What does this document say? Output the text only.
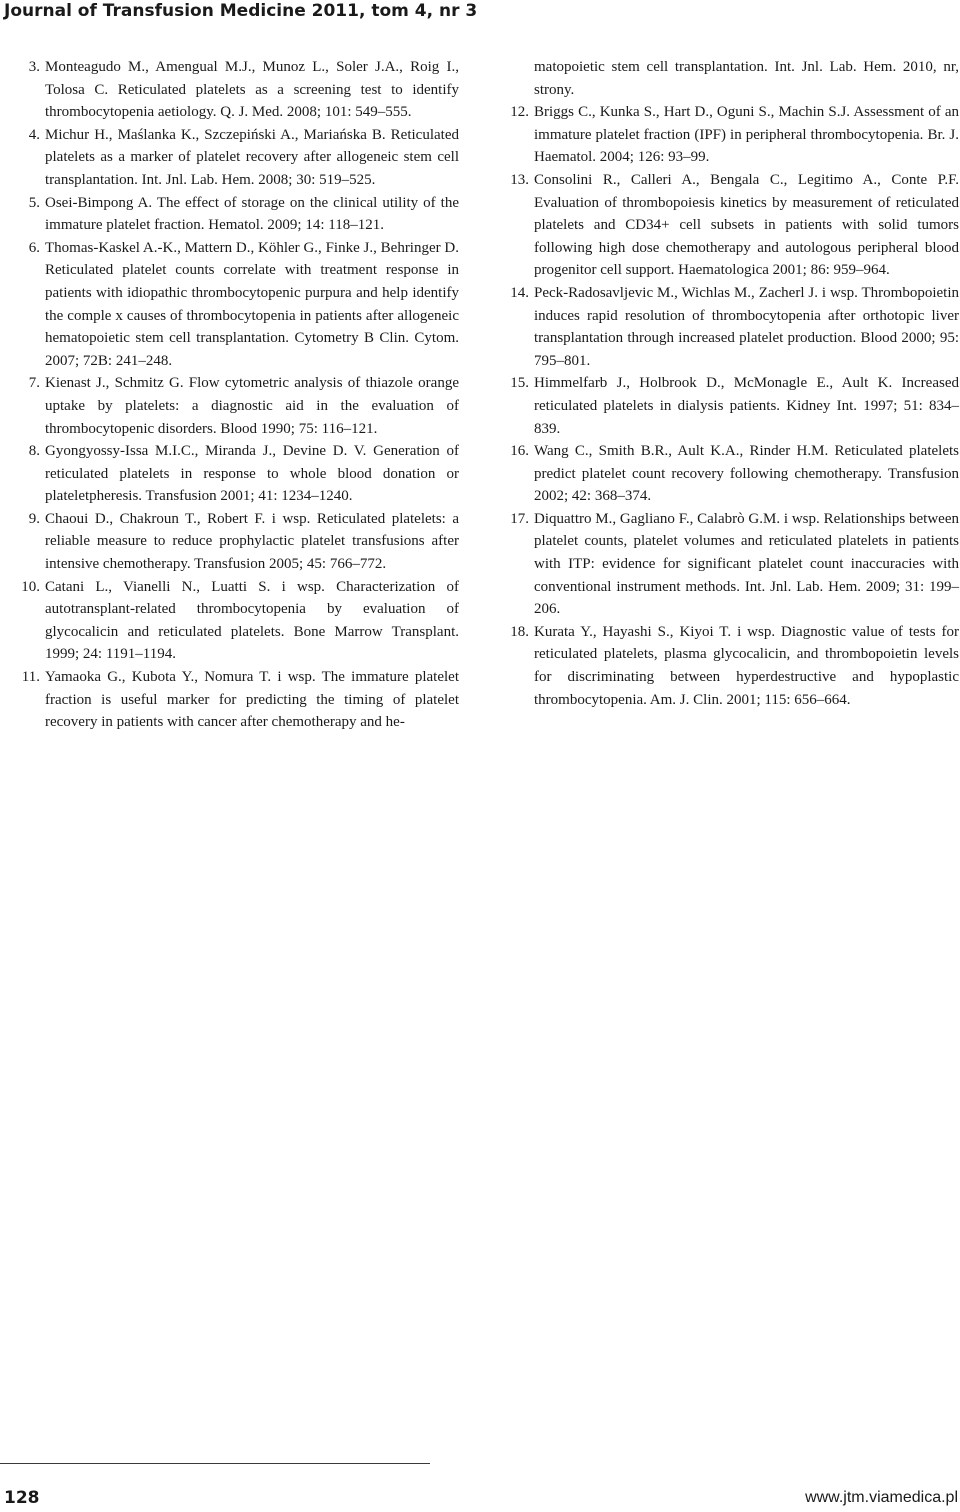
Journal of Transfusion Medicine 2011, tom 4, nr 3

3. Monteagudo M., Amengual M.J., Munoz L., Soler J.A., Roig I., Tolosa C. Reticulated platelets as a screening test to identify thrombocytopenia aetiology. Q. J. Med. 2008; 101: 549–555.

4. Michur H., Maślanka K., Szczepiński A., Mariańska B. Reticulated platelets as a marker of platelet recovery after allogeneic stem cell transplantation. Int. Jnl. Lab. Hem. 2008; 30: 519–525.

5. Osei-Bimpong A. The effect of storage on the clinical utility of the immature platelet fraction. Hematol. 2009; 14: 118–121.

6. Thomas-Kaskel A.-K., Mattern D., Köhler G., Finke J., Behringer D. Reticulated platelet counts correlate with treatment response in patients with idiopathic thrombocytopenic purpura and help identify the comple x causes of thrombocytopenia in patients after allogeneic hematopoietic stem cell transplantation. Cytometry B Clin. Cytom. 2007; 72B: 241–248.

7. Kienast J., Schmitz G. Flow cytometric analysis of thiazole orange uptake by platelets: a diagnostic aid in the evaluation of thrombocytopenic disorders. Blood 1990; 75: 116–121.

8. Gyongyossy-Issa M.I.C., Miranda J., Devine D. V. Generation of reticulated platelets in response to whole blood donation or plateletpheresis. Transfusion 2001; 41: 1234–1240.

9. Chaoui D., Chakroun T., Robert F. i wsp. Reticulated platelets: a reliable measure to reduce prophylactic platelet transfusions after intensive chemotherapy. Transfusion 2005; 45: 766–772.

10. Catani L., Vianelli N., Luatti S. i wsp. Characterization of autotransplant-related thrombocytopenia by evaluation of glycocalicin and reticulated platelets. Bone Marrow Transplant. 1999; 24: 1191–1194.

11. Yamaoka G., Kubota Y., Nomura T. i wsp. The immature platelet fraction is useful marker for predicting the timing of platelet recovery in patients with cancer after chemotherapy and he-

matopoietic stem cell transplantation. Int. Jnl. Lab. Hem. 2010, nr, strony.

12. Briggs C., Kunka S., Hart D., Oguni S., Machin S.J. Assessment of an immature platelet fraction (IPF) in peripheral thrombocytopenia. Br. J. Haematol. 2004; 126: 93–99.

13. Consolini R., Calleri A., Bengala C., Legitimo A., Conte P.F. Evaluation of thrombopoiesis kinetics by measurement of reticulated platelets and CD34+ cell subsets in patients with solid tumors following high dose chemotherapy and autologous peripheral blood progenitor cell support. Haematologica 2001; 86: 959–964.

14. Peck-Radosavljevic M., Wichlas M., Zacherl J. i wsp. Thrombopoietin induces rapid resolution of thrombocytopenia after orthotopic liver transplantation through increased platelet production. Blood 2000; 95: 795–801.

15. Himmelfarb J., Holbrook D., McMonagle E., Ault K. Increased reticulated platelets in dialysis patients. Kidney Int. 1997; 51: 834–839.

16. Wang C., Smith B.R., Ault K.A., Rinder H.M. Reticulated platelets predict platelet count recovery following chemotherapy. Transfusion 2002; 42: 368–374.

17. Diquattro M., Gagliano F., Calabrò G.M. i wsp. Relationships between platelet counts, platelet volumes and reticulated platelets in patients with ITP: evidence for significant platelet count inaccuracies with conventional instrument methods. Int. Jnl. Lab. Hem. 2009; 31: 199–206.

18. Kurata Y., Hayashi S., Kiyoi T. i wsp. Diagnostic value of tests for reticulated platelets, plasma glycocalicin, and thrombopoietin levels for discriminating between hyperdestructive and hypoplastic thrombocytopenia. Am. J. Clin. 2001; 115: 656–664.

128	www.jtm.viamedica.pl
